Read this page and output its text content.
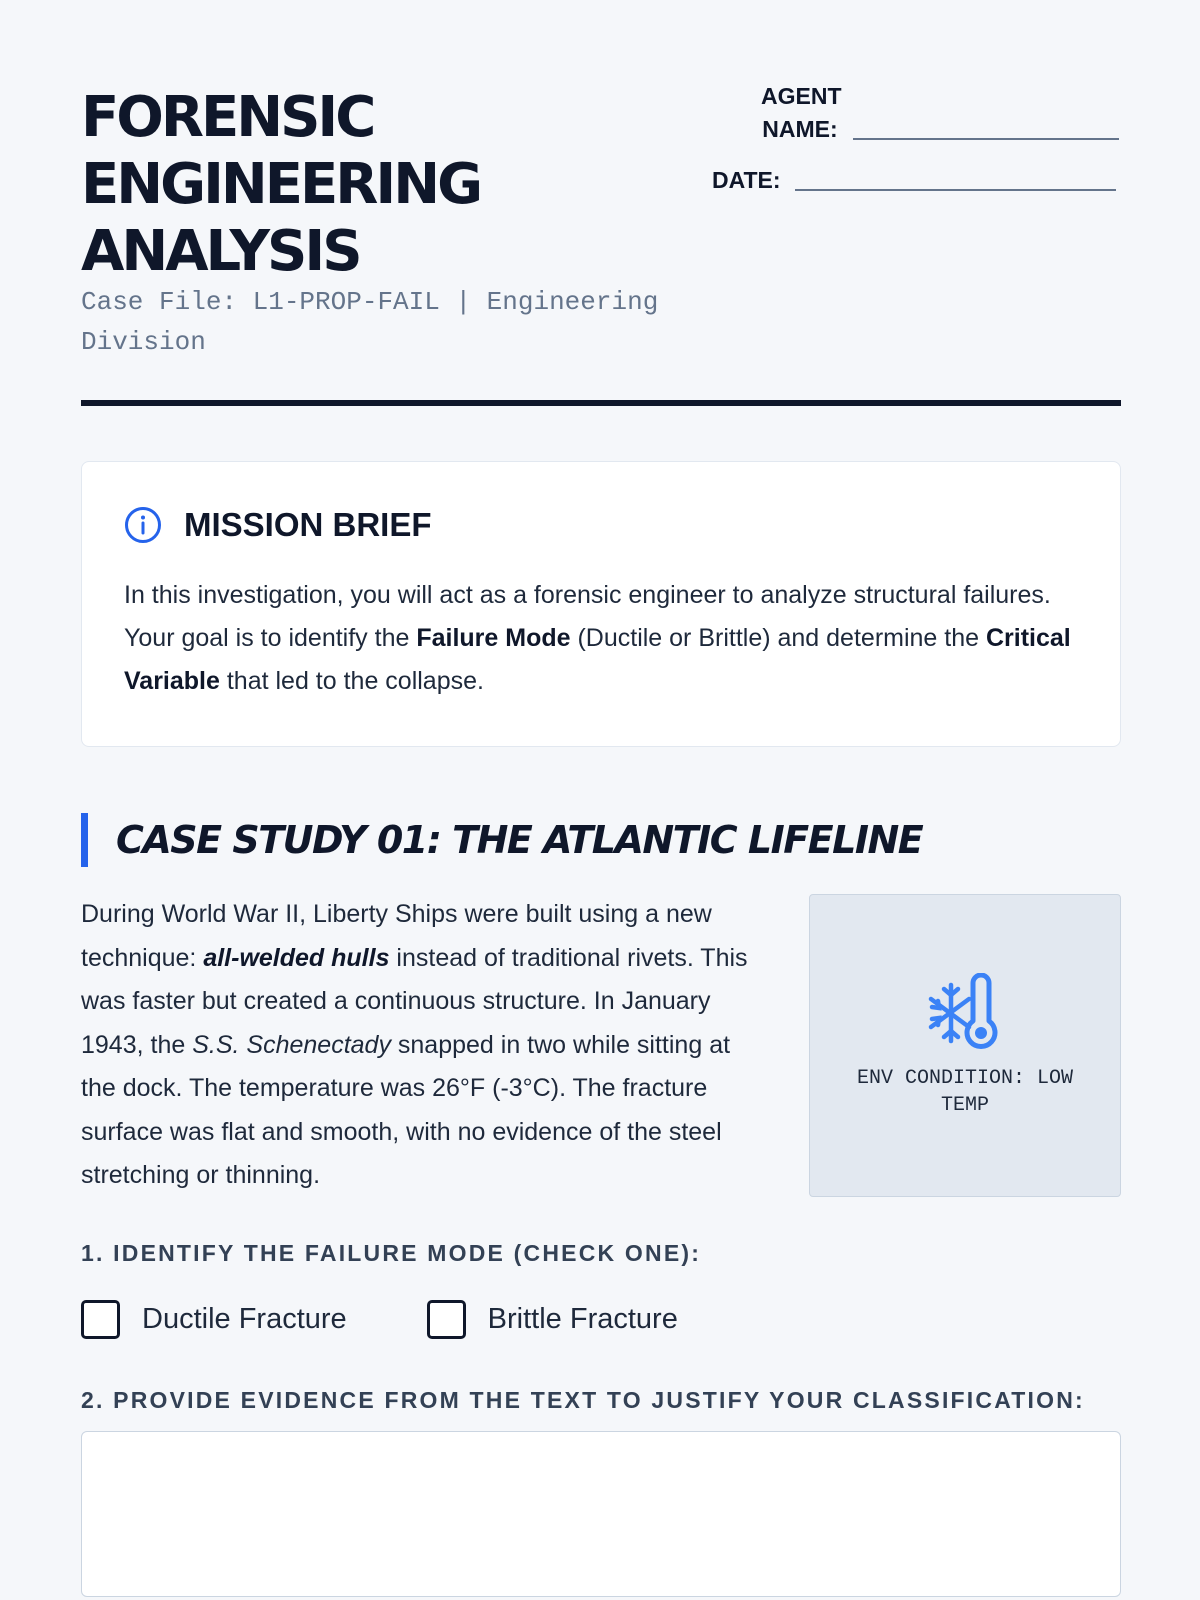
FORENSIC
ENGINEERING
ANALYSIS
Case File: L1-PROP-FAIL | Engineering Division
AGENT NAME:
DATE:
MISSION BRIEF

In this investigation, you will act as a forensic engineer to analyze structural failures. Your goal is to identify the Failure Mode (Ductile or Brittle) and determine the Critical Variable that led to the collapse.

CASE STUDY 01: THE ATLANTIC LIFELINE

During World War II, Liberty Ships were built using a new technique: all-welded hulls instead of traditional rivets. This was faster but created a continuous structure. In January 1943, the S.S. Schenectady snapped in two while sitting at the dock. The temperature was 26°F (-3°C). The fracture surface was flat and smooth, with no evidence of the steel stretching or thinning.

ENV CONDITION: LOW TEMP
1. IDENTIFY THE FAILURE MODE (CHECK ONE):
Ductile Fracture	Brittle Fracture
2. PROVIDE EVIDENCE FROM THE TEXT TO JUSTIFY YOUR CLASSIFICATION:
